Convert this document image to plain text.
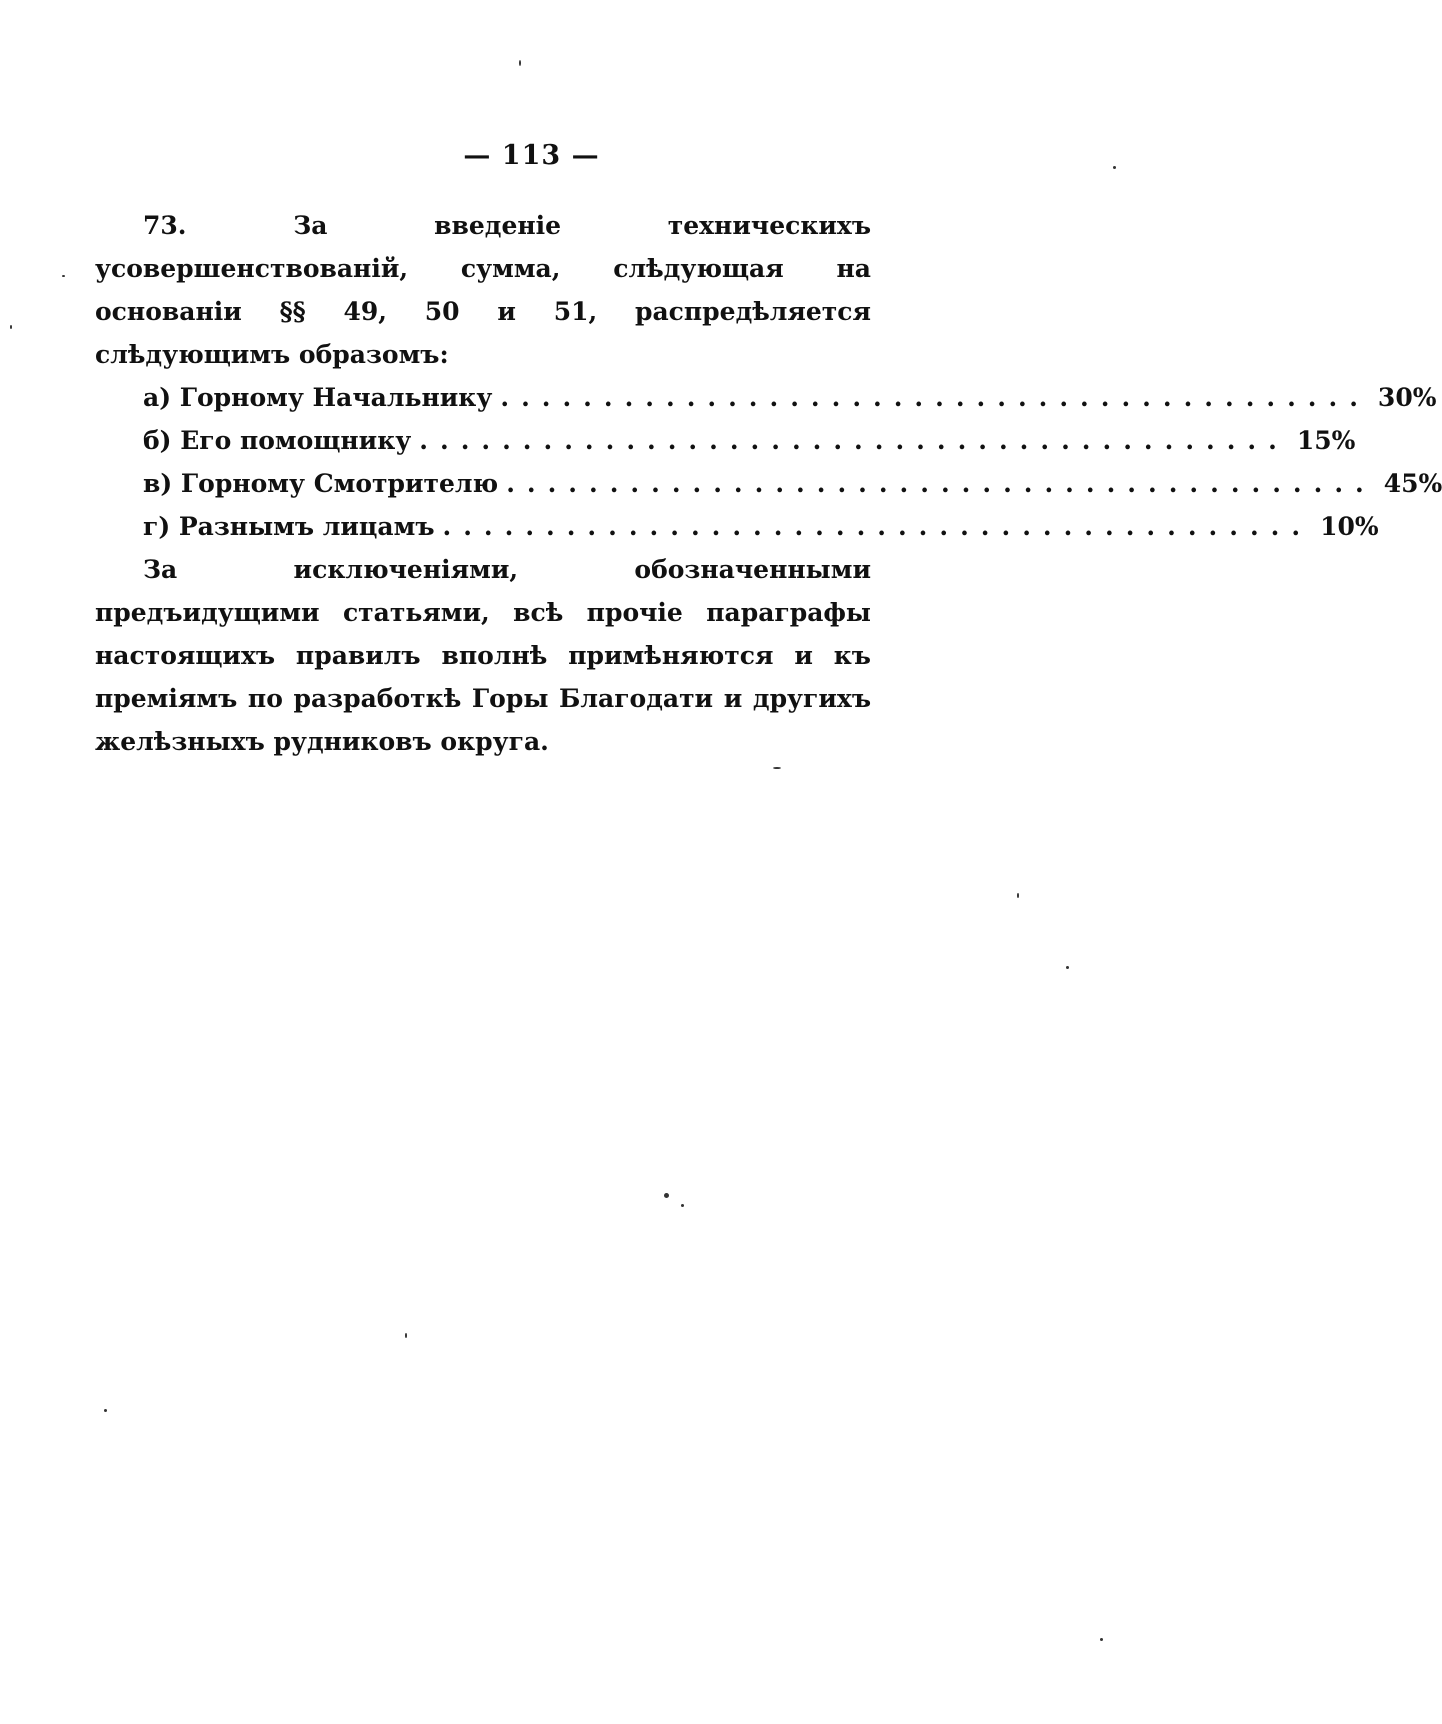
— 113 —

73. За введеніе техническихъ усовершенствованій, сумма, слѣдующая на основаніи §§ 49, 50 и 51, распредѣляется слѣдующимъ образомъ:

а) Горному Начальнику .......................................... 30%
б) Его помощнику .......................................... 15%
в) Горному Смотрителю .......................................... 45%
г) Разнымъ лицамъ .......................................... 10%

За исключеніями, обозначенными предъидущими статьями, всѣ прочіе параграфы настоящихъ правилъ вполнѣ примѣняются и къ преміямъ по разработкѣ Горы Благодати и другихъ желѣзныхъ рудниковъ округа.
